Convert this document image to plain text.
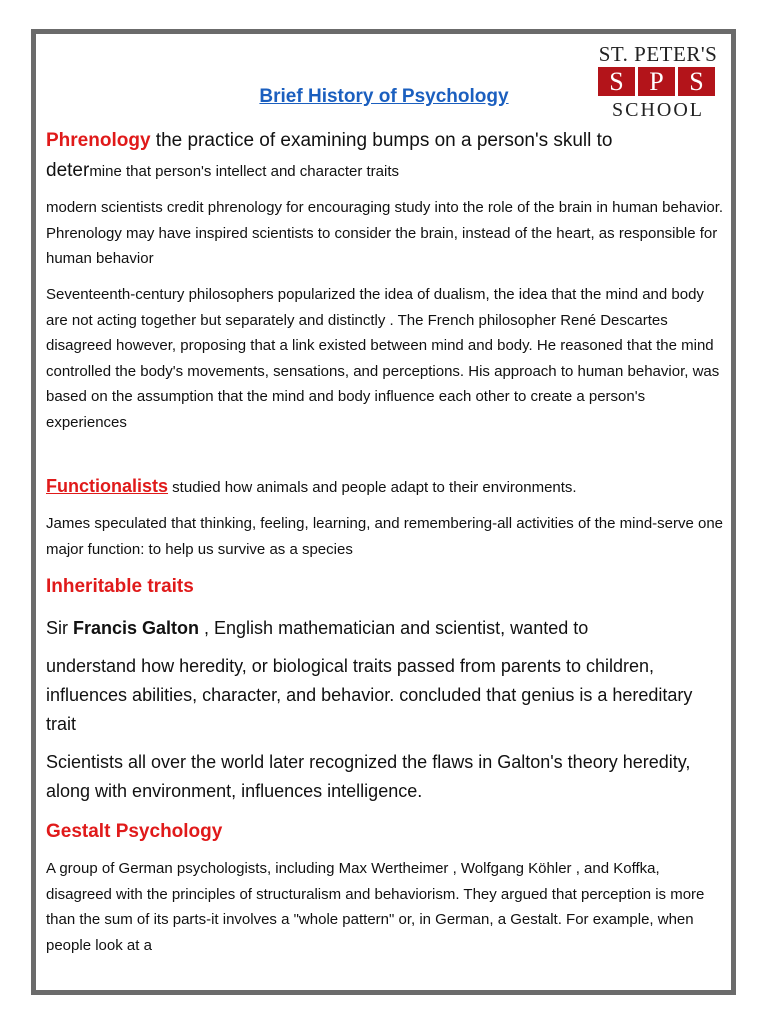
ST. PETER'S
S P S
SCHOOL
Brief History of Psychology
Phrenology the practice of examining bumps on a person's skull to
determine that person's intellect and character traits
modern scientists credit phrenology for encouraging study into the role of the brain in human behavior. Phrenology may have inspired scientists to consider the brain, instead of the heart, as responsible for human behavior
Seventeenth-century philosophers popularized the idea of dualism, the idea that the mind and body are not acting together but separately and distinctly . The French philosopher René Descartes disagreed however, proposing that a link existed between mind and body. He reasoned that the mind controlled the body's movements, sensations, and perceptions. His approach to human behavior, was based on the assumption that the mind and body influence each other to create a person's experiences
Functionalists studied how animals and people adapt to their environments.
James speculated that thinking, feeling, learning, and remembering-all activities of the mind-serve one major function: to help us survive as a species
Inheritable traits
Sir Francis Galton , English mathematician and scientist, wanted to
understand how heredity, or biological traits passed from parents to children, influences abilities, character, and behavior. concluded that genius is a hereditary trait
Scientists all over the world later recognized the flaws in Galton's theory heredity, along with environment, influences intelligence.
Gestalt Psychology
A group of German psychologists, including Max Wertheimer , Wolfgang Köhler , and Koffka, disagreed with the principles of structuralism and behaviorism. They argued that perception is more than the sum of its parts-it involves a "whole pattern" or, in German, a Gestalt. For example, when people look at a
